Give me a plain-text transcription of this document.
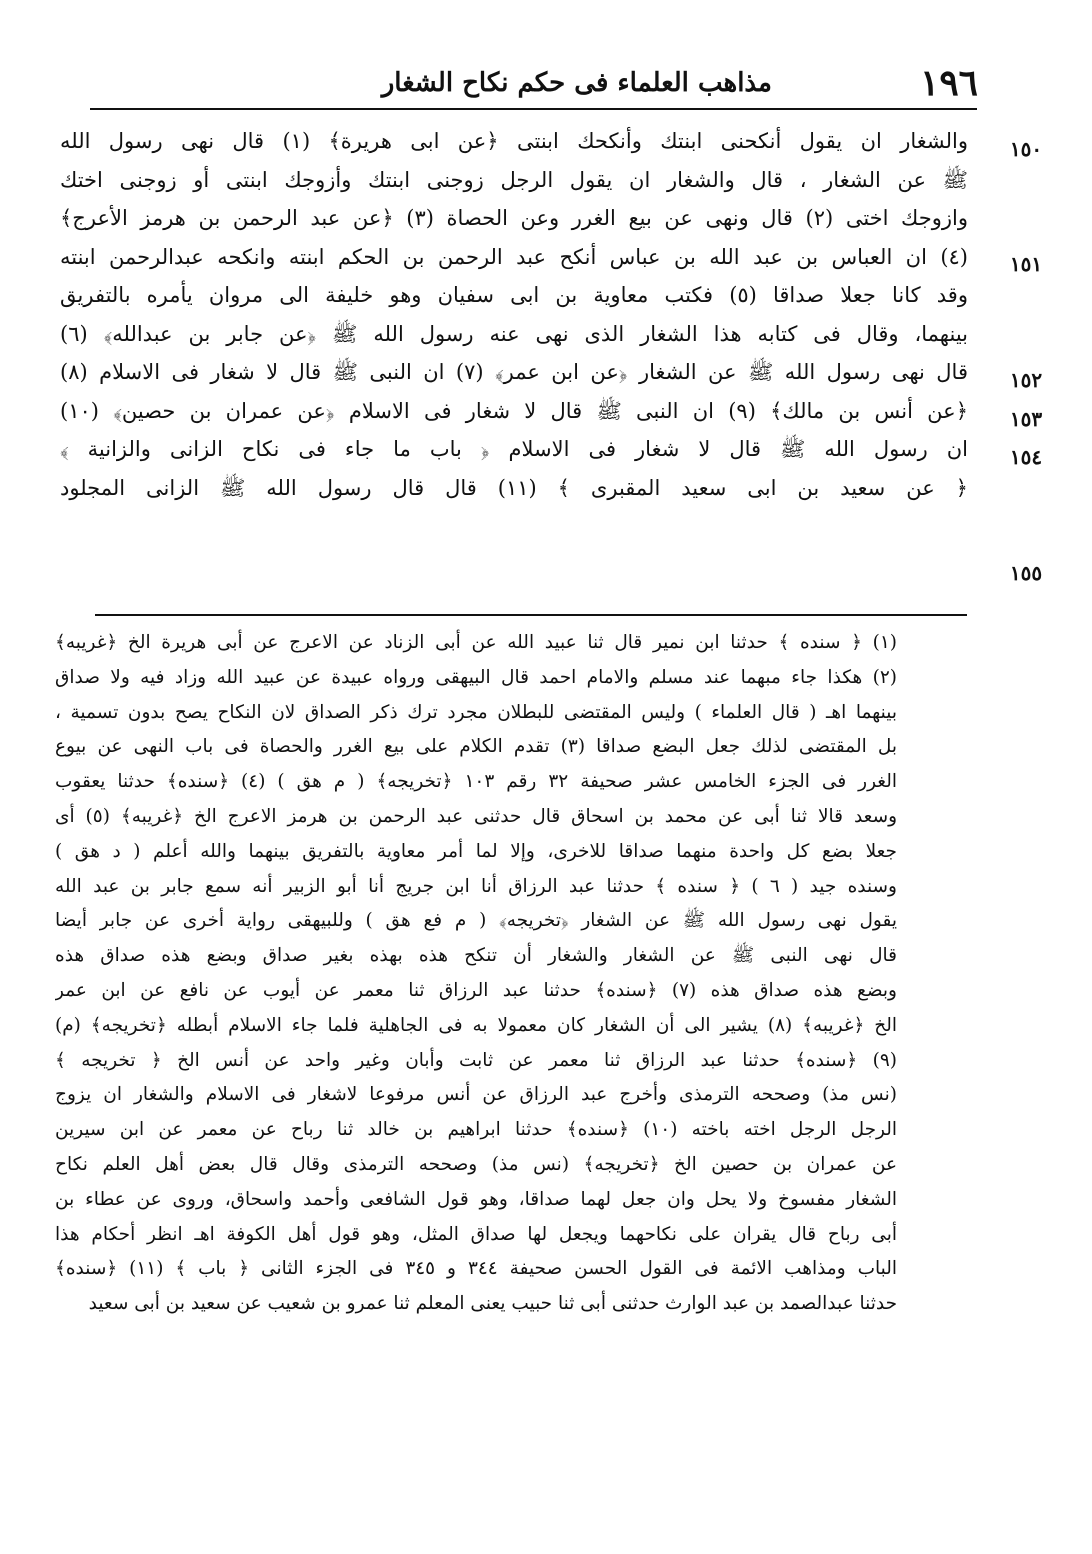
١٩٦
مذاهب العلماء فى حكم نكاح الشغار
١٥٠
١٥١
١٥٢
١٥٣
١٥٤
١٥٥
والشغار ان يقول أنكحنى ابنتك وأنكحك ابنتى ﴿عن ابى هريرة﴾ (١) قال نهى رسول الله
ﷺ عن الشغار ، قال والشغار ان يقول الرجل زوجنى ابنتك وأزوجك ابنتى أو زوجنى اختك
وازوجك اختى (٢) قال ونهى عن بيع الغرر وعن الحصاة (٣) ﴿عن عبد الرحمن بن هرمز الأعرج﴾
(٤) ان العباس بن عبد الله بن عباس أنكح عبد الرحمن بن الحكم ابنته وانكحه عبدالرحمن ابنته
وقد كانا جعلا صداقا (٥) فكتب معاوية بن ابى سفيان وهو خليفة الى مروان يأمره بالتفريق
بينهما، وقال فى كتابه هذا الشغار الذى نهى عنه رسول الله ﷺ ﴿عن جابر بن عبدالله﴾ (٦)
قال نهى رسول الله ﷺ عن الشغار ﴿عن ابن عمر﴾ (٧) ان النبى ﷺ قال لا شغار فى الاسلام (٨)
﴿عن أنس بن مالك﴾ (٩) ان النبى ﷺ قال لا شغار فى الاسلام ﴿عن عمران بن حصين﴾ (١٠)
ان رسول الله ﷺ قال لا شغار فى الاسلام ﴿ باب ما جاء فى نكاح الزانى والزانية ﴾
﴿ عن سعيد بن ابى سعيد المقبرى ﴾ (١١) قال قال رسول الله ﷺ الزانى المجلود
(١) ﴿ سنده ﴾ حدثنا ابن نمير قال ثنا عبيد الله عن أبى الزناد عن الاعرج عن أبى هريرة الخ ﴿غريبه﴾
(٢) هكذا جاء مبهما عند مسلم والامام احمد قال البيهقى ورواه عبيدة عن عبيد الله وزاد فيه ولا صداق
بينهما اهـ ( قال العلماء ) وليس المقتضى للبطلان مجرد ترك ذكر الصداق لان النكاح يصح بدون تسمية ،
بل المقتضى لذلك جعل البضع صداقا (٣) تقدم الكلام على بيع الغرر والحصاة فى باب النهى عن بيوع
الغرر فى الجزء الخامس عشر صحيفة ٣٢ رقم ١٠٣ ﴿تخريجه﴾ ( م هق ) (٤) ﴿سنده﴾ حدثنا يعقوب
وسعد قالا ثنا أبى عن محمد بن اسحاق قال حدثنى عبد الرحمن بن هرمز الاعرج الخ ﴿غريبه﴾ (٥) أى
جعلا بضع كل واحدة منهما صداقا للاخرى، وإلا لما أمر معاوية بالتفريق بينهما والله أعلم ( د هق )
وسنده جيد ( ٦ ) ﴿ سنده ﴾ حدثنا عبد الرزاق أنا ابن جريج أنا أبو الزبير أنه سمع جابر بن عبد الله
يقول نهى رسول الله ﷺ عن الشغار ﴿تخريجه﴾ ( م فع هق ) وللبيهقى رواية أخرى عن جابر أيضا
قال نهى النبى ﷺ عن الشغار والشغار أن تنكح هذه بهذه بغير صداق وبضع هذه صداق هذه
وبضع هذه صداق هذه (٧) ﴿سنده﴾ حدثنا عبد الرزاق ثنا معمر عن أيوب عن نافع عن ابن عمر
الخ ﴿غريبه﴾ (٨) يشير الى أن الشغار كان معمولا به فى الجاهلية فلما جاء الاسلام أبطله ﴿تخريجه﴾ (م)
(٩) ﴿سنده﴾ حدثنا عبد الرزاق ثنا معمر عن ثابت وأبان وغير واحد عن أنس الخ ﴿ تخريجه ﴾
(نس مذ) وصححه الترمذى وأخرج عبد الرزاق عن أنس مرفوعا لاشغار فى الاسلام والشغار ان يزوج
الرجل الرجل اخته باخته (١٠) ﴿سنده﴾ حدثنا ابراهيم بن خالد ثنا رباح عن معمر عن ابن سيرين
عن عمران بن حصين الخ ﴿تخريجه﴾ (نس مذ) وصححه الترمذى وقال قال بعض أهل العلم نكاح
الشغار مفسوخ ولا يحل وان جعل لهما صداقا، وهو قول الشافعى وأحمد واسحاق، وروى عن عطاء بن
أبى رباح قال يقران على نكاحهما ويجعل لها صداق المثل، وهو قول أهل الكوفة اهـ انظر أحكام هذا
الباب ومذاهب الائمة فى القول الحسن صحيفة ٣٤٤ و ٣٤٥ فى الجزء الثانى ﴿ باب ﴾ (١١) ﴿سنده﴾
حدثنا عبدالصمد بن عبد الوارث حدثنى أبى ثنا حبيب يعنى المعلم ثنا عمرو بن شعيب عن سعيد بن أبى سعيد
